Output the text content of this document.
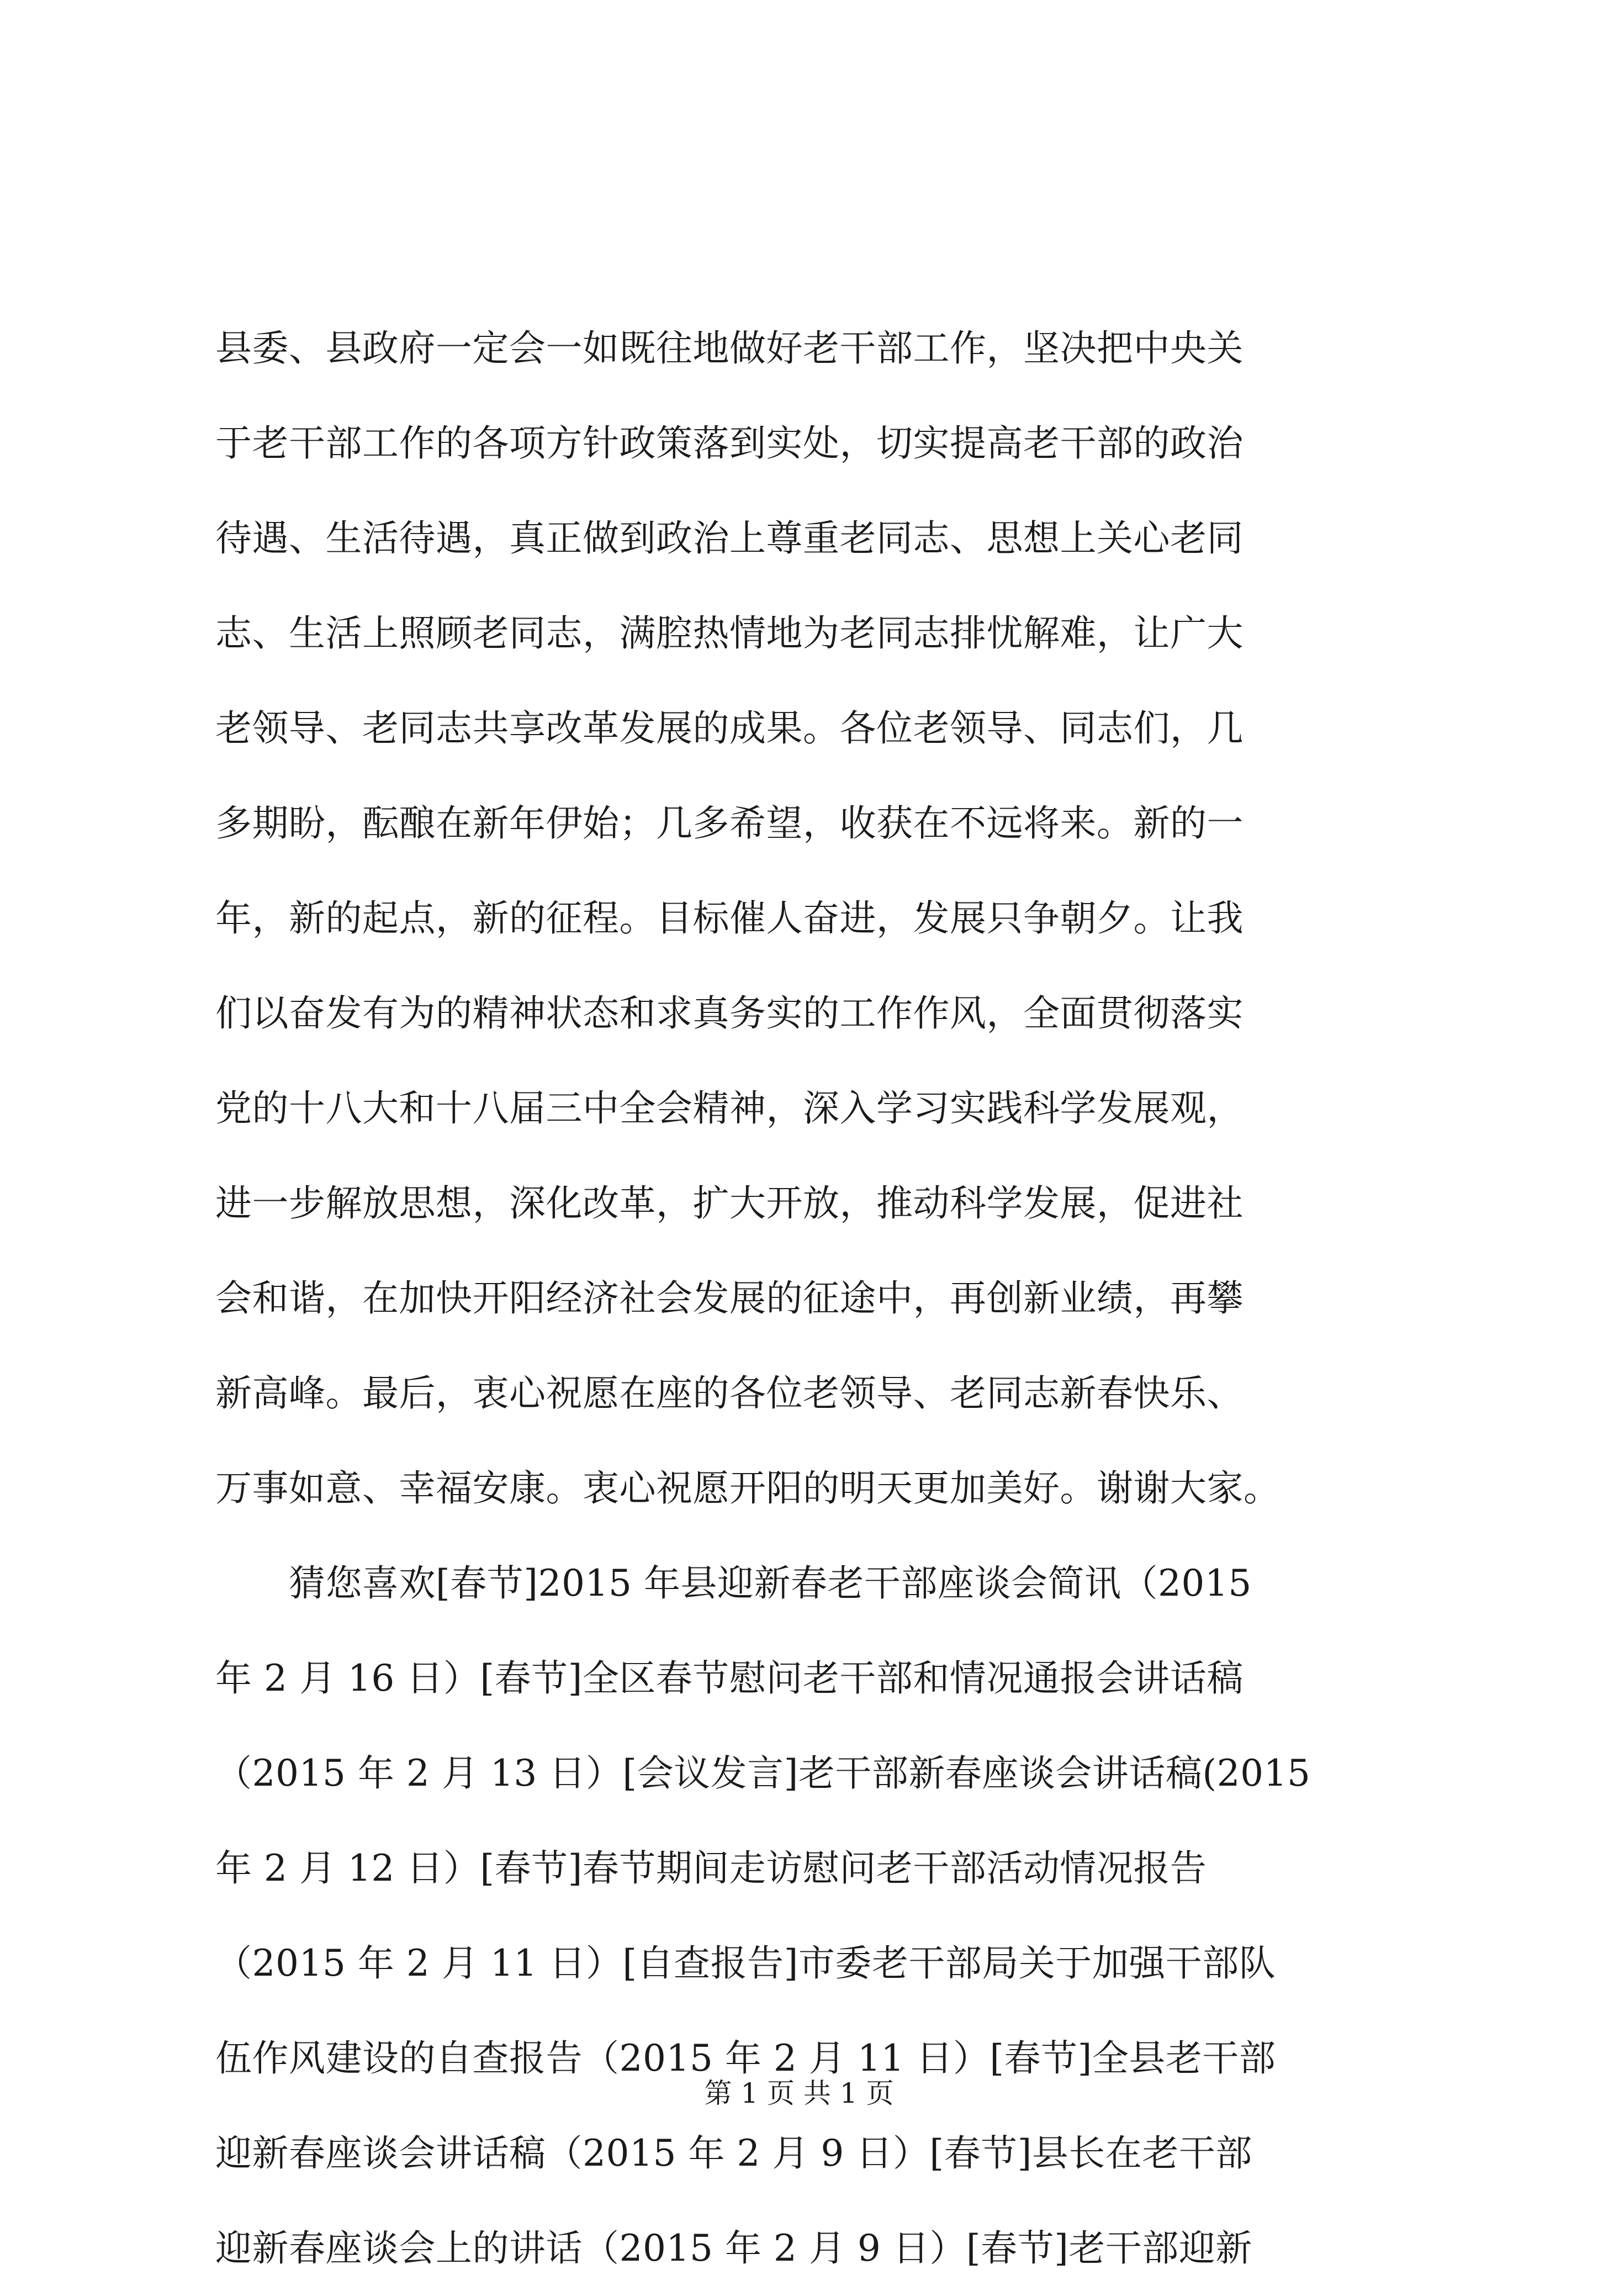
县委、县政府一定会一如既往地做好老干部工作，坚决把中央关
于老干部工作的各项方针政策落到实处，切实提高老干部的政治
待遇、生活待遇，真正做到政治上尊重老同志、思想上关心老同
志、生活上照顾老同志，满腔热情地为老同志排忧解难，让广大
老领导、老同志共享改革发展的成果。各位老领导、同志们，几
多期盼，酝酿在新年伊始；几多希望，收获在不远将来。新的一
年，新的起点，新的征程。目标催人奋进，发展只争朝夕。让我
们以奋发有为的精神状态和求真务实的工作作风，全面贯彻落实
党的十八大和十八届三中全会精神，深入学习实践科学发展观，
进一步解放思想，深化改革，扩大开放，推动科学发展，促进社
会和谐，在加快开阳经济社会发展的征途中，再创新业绩，再攀
新高峰。最后，衷心祝愿在座的各位老领导、老同志新春快乐、
万事如意、幸福安康。衷心祝愿开阳的明天更加美好。谢谢大家。
　　猜您喜欢[春节]2015 年县迎新春老干部座谈会简讯（2015
年 2 月 16 日）[春节]全区春节慰问老干部和情况通报会讲话稿
（2015 年 2 月 13 日）[会议发言]老干部新春座谈会讲话稿(2015
年 2 月 12 日）[春节]春节期间走访慰问老干部活动情况报告
（2015 年 2 月 11 日）[自查报告]市委老干部局关于加强干部队
伍作风建设的自查报告（2015 年 2 月 11 日）[春节]全县老干部
迎新春座谈会讲话稿（2015 年 2 月 9 日）[春节]县长在老干部
迎新春座谈会上的讲话（2015 年 2 月 9 日）[春节]老干部迎新
第 1 页 共 1 页
